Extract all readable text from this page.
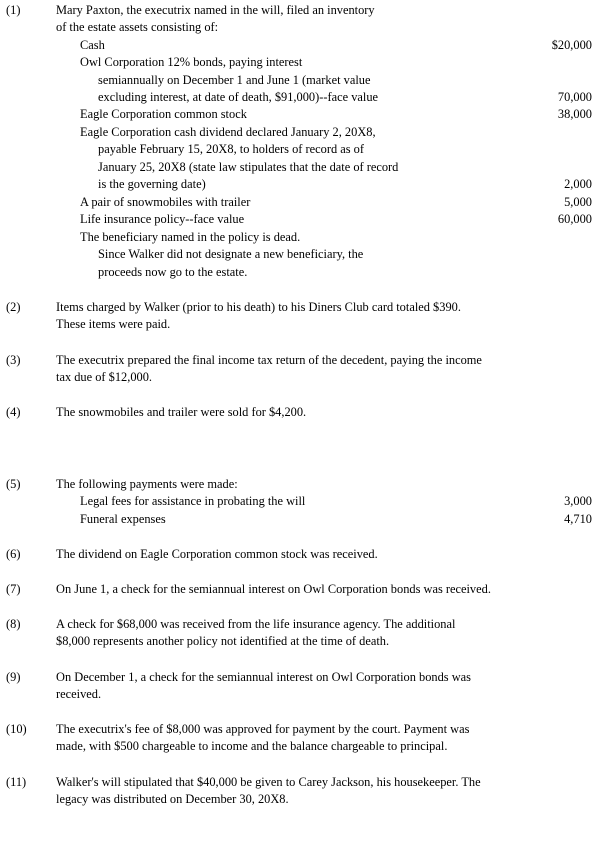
(1)	Mary Paxton, the executrix named in the will, filed an inventory
of the estate assets consisting of:
Cash	$20,000
Owl Corporation 12% bonds, paying interest
semiannually on December 1 and June 1 (market value
excluding interest, at date of death, $91,000)--face value	70,000
Eagle Corporation common stock	38,000
Eagle Corporation cash dividend declared January 2, 20X8,
payable February 15, 20X8, to holders of record as of
January 25, 20X8 (state law stipulates that the date of record
is the governing date)	2,000
A pair of snowmobiles with trailer	5,000
Life insurance policy--face value	60,000
The beneficiary named in the policy is dead.
Since Walker did not designate a new beneficiary, the
proceeds now go to the estate.
(2)	Items charged by Walker (prior to his death) to his Diners Club card totaled $390.
These items were paid.
(3)	The executrix prepared the final income tax return of the decedent, paying the income
tax due of $12,000.
(4)	The snowmobiles and trailer were sold for $4,200.
(5)	The following payments were made:
Legal fees for assistance in probating the will	3,000
Funeral expenses	4,710
(6)	The dividend on Eagle Corporation common stock was received.
(7)	On June 1, a check for the semiannual interest on Owl Corporation bonds was received.
(8)	A check for $68,000 was received from the life insurance agency. The additional
$8,000 represents another policy not identified at the time of death.
(9)	On December 1, a check for the semiannual interest on Owl Corporation bonds was
received.
(10) The executrix's fee of $8,000 was approved for payment by the court. Payment was
made, with $500 chargeable to income and the balance chargeable to principal.
(11) Walker's will stipulated that $40,000 be given to Carey Jackson, his housekeeper. The
legacy was distributed on December 30, 20X8.
